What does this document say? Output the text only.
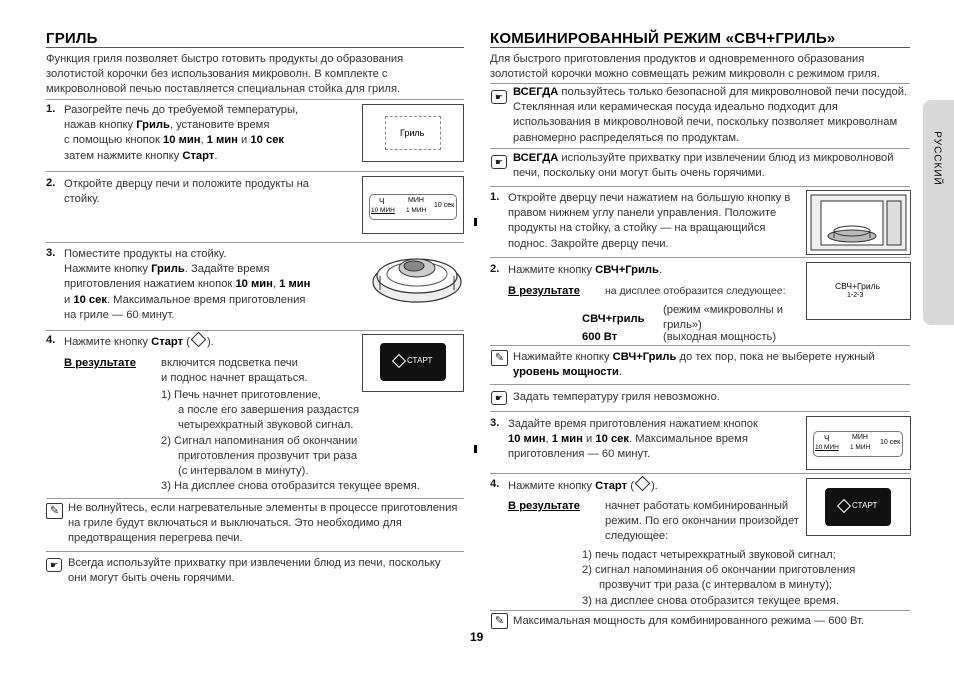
ГРИЛЬ
Функция гриля позволяет быстро готовить продукты до образования золотистой корочки без использования микроволн. В комплекте с микроволновой печью поставляется специальная стойка для гриля.
1. Разогрейте печь до требуемой температуры,
нажав кнопку Гриль, установите время
с помощью кнопок 10 мин, 1 мин и 10 сек
затем нажмите кнопку Старт.
Гриль
2. Откройте дверцу печи и положите продукты на стойку.	Ч
10 МИН
МИН
1 МИН
10 сек
3. Поместите продукты на стойку.
Нажмите кнопку Гриль. Задайте время
приготовления нажатием кнопок 10 мин, 1 мин
и 10 сек. Максимальное время приготовления
на гриле — 60 минут.
4. Нажмите кнопку Старт ( ).
СТАРТ
В результате включится подсветка печи
и поднос начнет вращаться.
1) Печь начнет приготовление,
а после его завершения раздастся
четырехкратный звуковой сигнал.
2) Сигнал напоминания об окончании
приготовления прозвучит три раза
(с интервалом в минуту).
3) На дисплее снова отобразится текущее время.
✎ Не волнуйтесь, если нагревательные элементы в процессе приготовления на гриле будут включаться и выключаться. Это необходимо для предотвращения перегрева печи.
☛ Всегда используйте прихватку при извлечении блюд из печи, поскольку они могут быть очень горячими.
КОМБИНИРОВАННЫЙ РЕЖИМ «СВЧ+ГРИЛЬ»
Для быстрого приготовления продуктов и одновременного образования золотистой корочки можно совмещать режим микроволн с режимом гриля.
☛ ВСЕГДА пользуйтесь только безопасной для микроволновой печи посудой. Стеклянная или керамическая посуда идеально подходит для использования в микроволновой печи, поскольку позволяет микроволнам равномерно распределяться по продуктам.
☛ ВСЕГДА используйте прихватку при извлечении блюд из микроволновой печи, поскольку они могут быть очень горячими.
1. Откройте дверцу печи нажатием на большую кнопку в правом нижнем углу панели управления. Положите продукты на стойку, а стойку — на вращающийся поднос. Закройте дверцу печи.
2. Нажмите кнопку СВЧ+Гриль.
В результате на дисплее отобразится следующее:
СВЧ+гриль
(режим «микроволны и гриль»)
600 Вт	(выходная мощность)
СВЧ+Гриль
1-2-3
✎ Нажимайте кнопку СВЧ+Гриль до тех пор, пока не выберете нужный уровень мощности.
☛ Задать температуру гриля невозможно.
3. Задайте время приготовления нажатием кнопок
10 мин, 1 мин и 10 сек. Максимальное время
приготовления — 60 минут.
Ч
10 МИН
МИН
1 МИН
10 сек
4. Нажмите кнопку Старт ( ).
СТАРТ
В результате начнет работать комбинированный режим. По его окончании произойдет следующее:
1) печь подаст четырехкратный звуковой сигнал;
2) сигнал напоминания об окончании приготовления прозвучит три раза (с интервалом в минуту);
3) на дисплее снова отобразится текущее время.
✎ Максимальная мощность для комбинированного режима — 600 Вт.
РУССКИЙ
19
